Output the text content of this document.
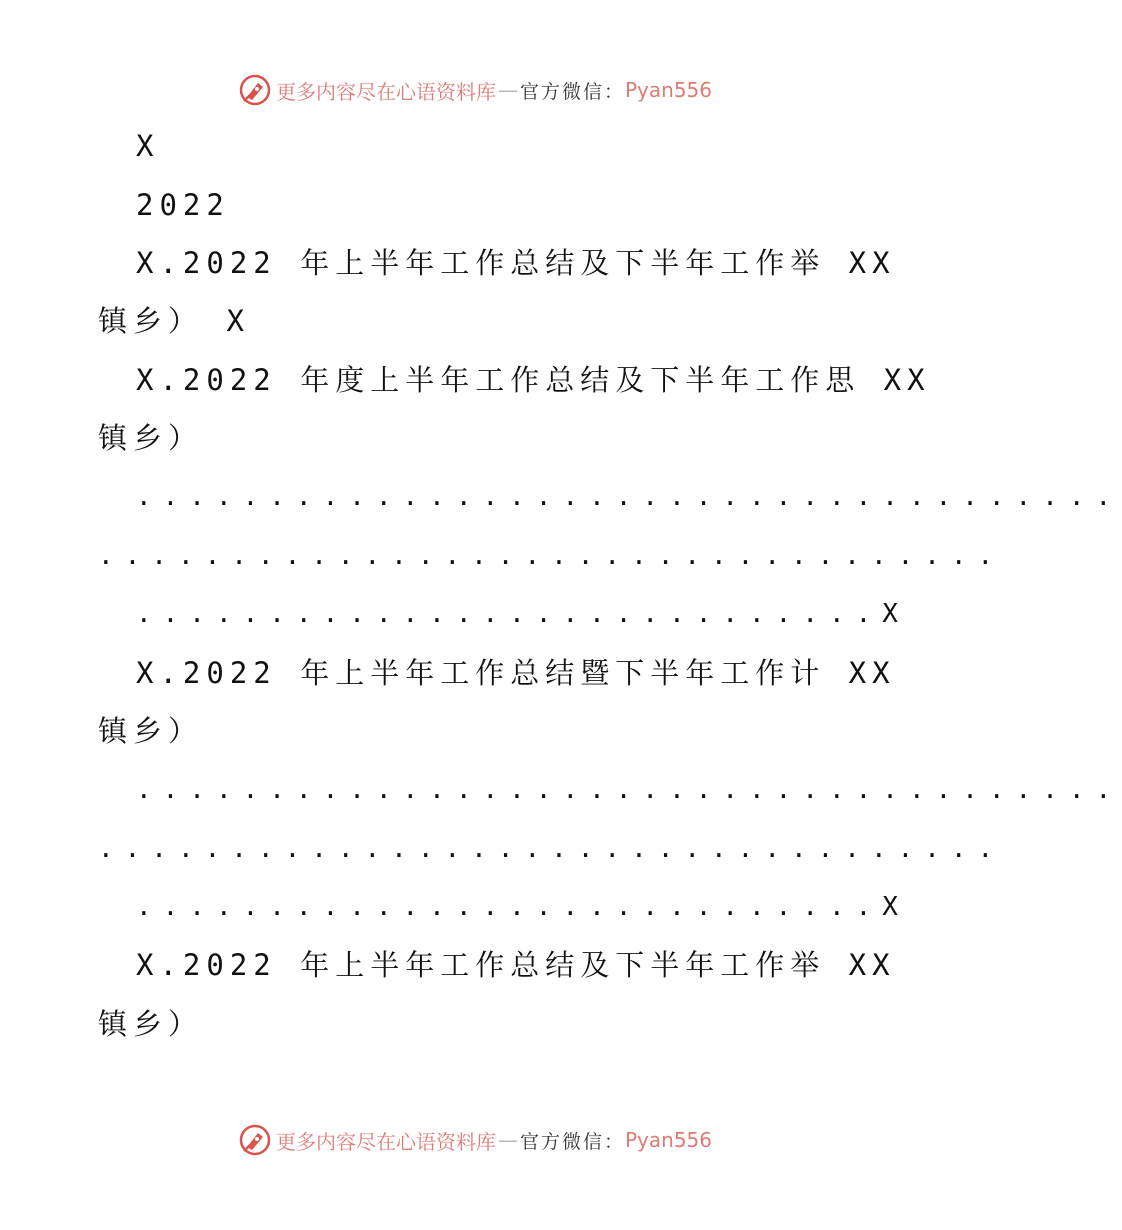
更多内容尽在心语资料库 — 官方微信： Pyan556
X
2022
X.2022 年上半年工作总结及下半年工作举 XX
镇乡） X
X.2022 年度上半年工作总结及下半年工作思 XX
镇乡）
.....................................
..................................
............................X
X.2022 年上半年工作总结暨下半年工作计 XX
镇乡）
.....................................
..................................
............................X
X.2022 年上半年工作总结及下半年工作举 XX
镇乡）
更多内容尽在心语资料库 — 官方微信： Pyan556
